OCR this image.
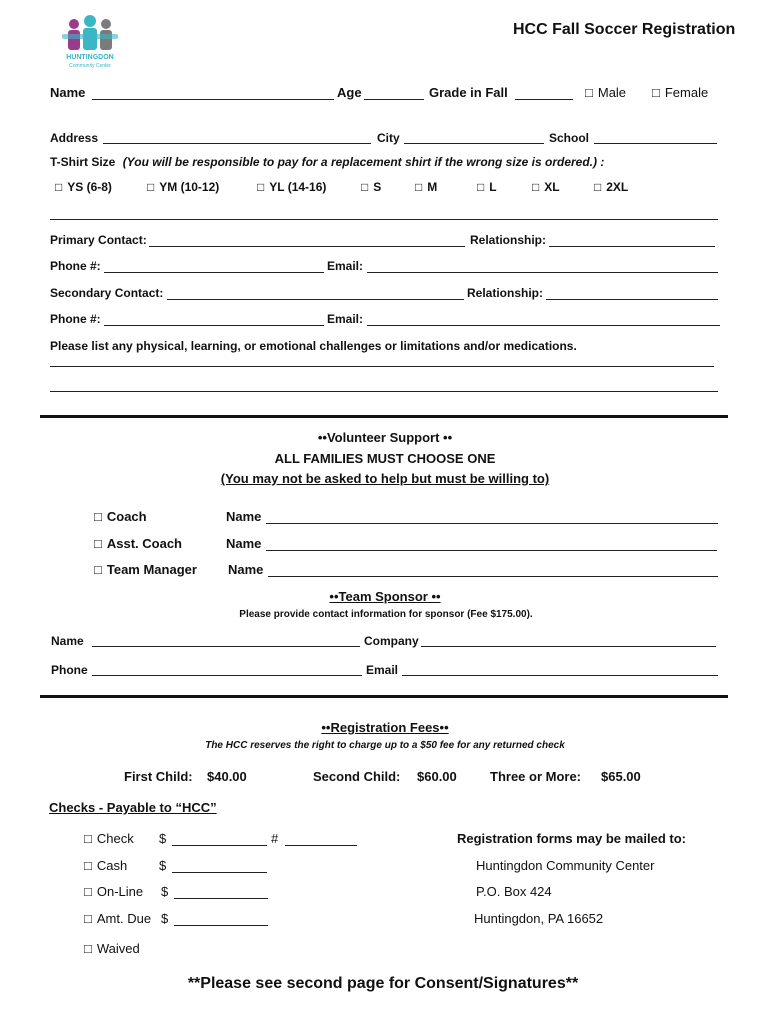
HUNTINGDON
Community Center
HCC Fall Soccer Registration
Name	Age	Grade in Fall	□ Male	□ Female
Address	City	School
T-Shirt Size (You will be responsible to pay for a replacement shirt if the wrong size is ordered.) :
□ YS (6-8)	□ YM (10-12)	□ YL (14-16)	□ S	□ M	□ L	□ XL	□ 2XL
Primary Contact:	Relationship:
Phone #:	Email:
Secondary Contact:	Relationship:
Phone #:	Email:
Please list any physical, learning, or emotional challenges or limitations and/or medications.
••Volunteer Support ••
ALL FAMILIES MUST CHOOSE ONE
(You may not be asked to help but must be willing to)
□ Coach	Name
□ Asst. Coach	Name
□ Team Manager Name
••Team Sponsor ••
Please provide contact information for sponsor (Fee $175.00).
Name	Company
Phone	Email
••Registration Fees••
The HCC reserves the right to charge up to a $50 fee for any returned check
First Child: $40.00	Second Child: $60.00	Three or More: $65.00
Checks - Payable to “HCC”
□ Check $	#
□ Cash $
□ On-Line $
□ Amt. Due $
□ Waived
Registration forms may be mailed to:
Huntingdon Community Center
P.O. Box 424
Huntingdon, PA 16652
**Please see second page for Consent/Signatures**
